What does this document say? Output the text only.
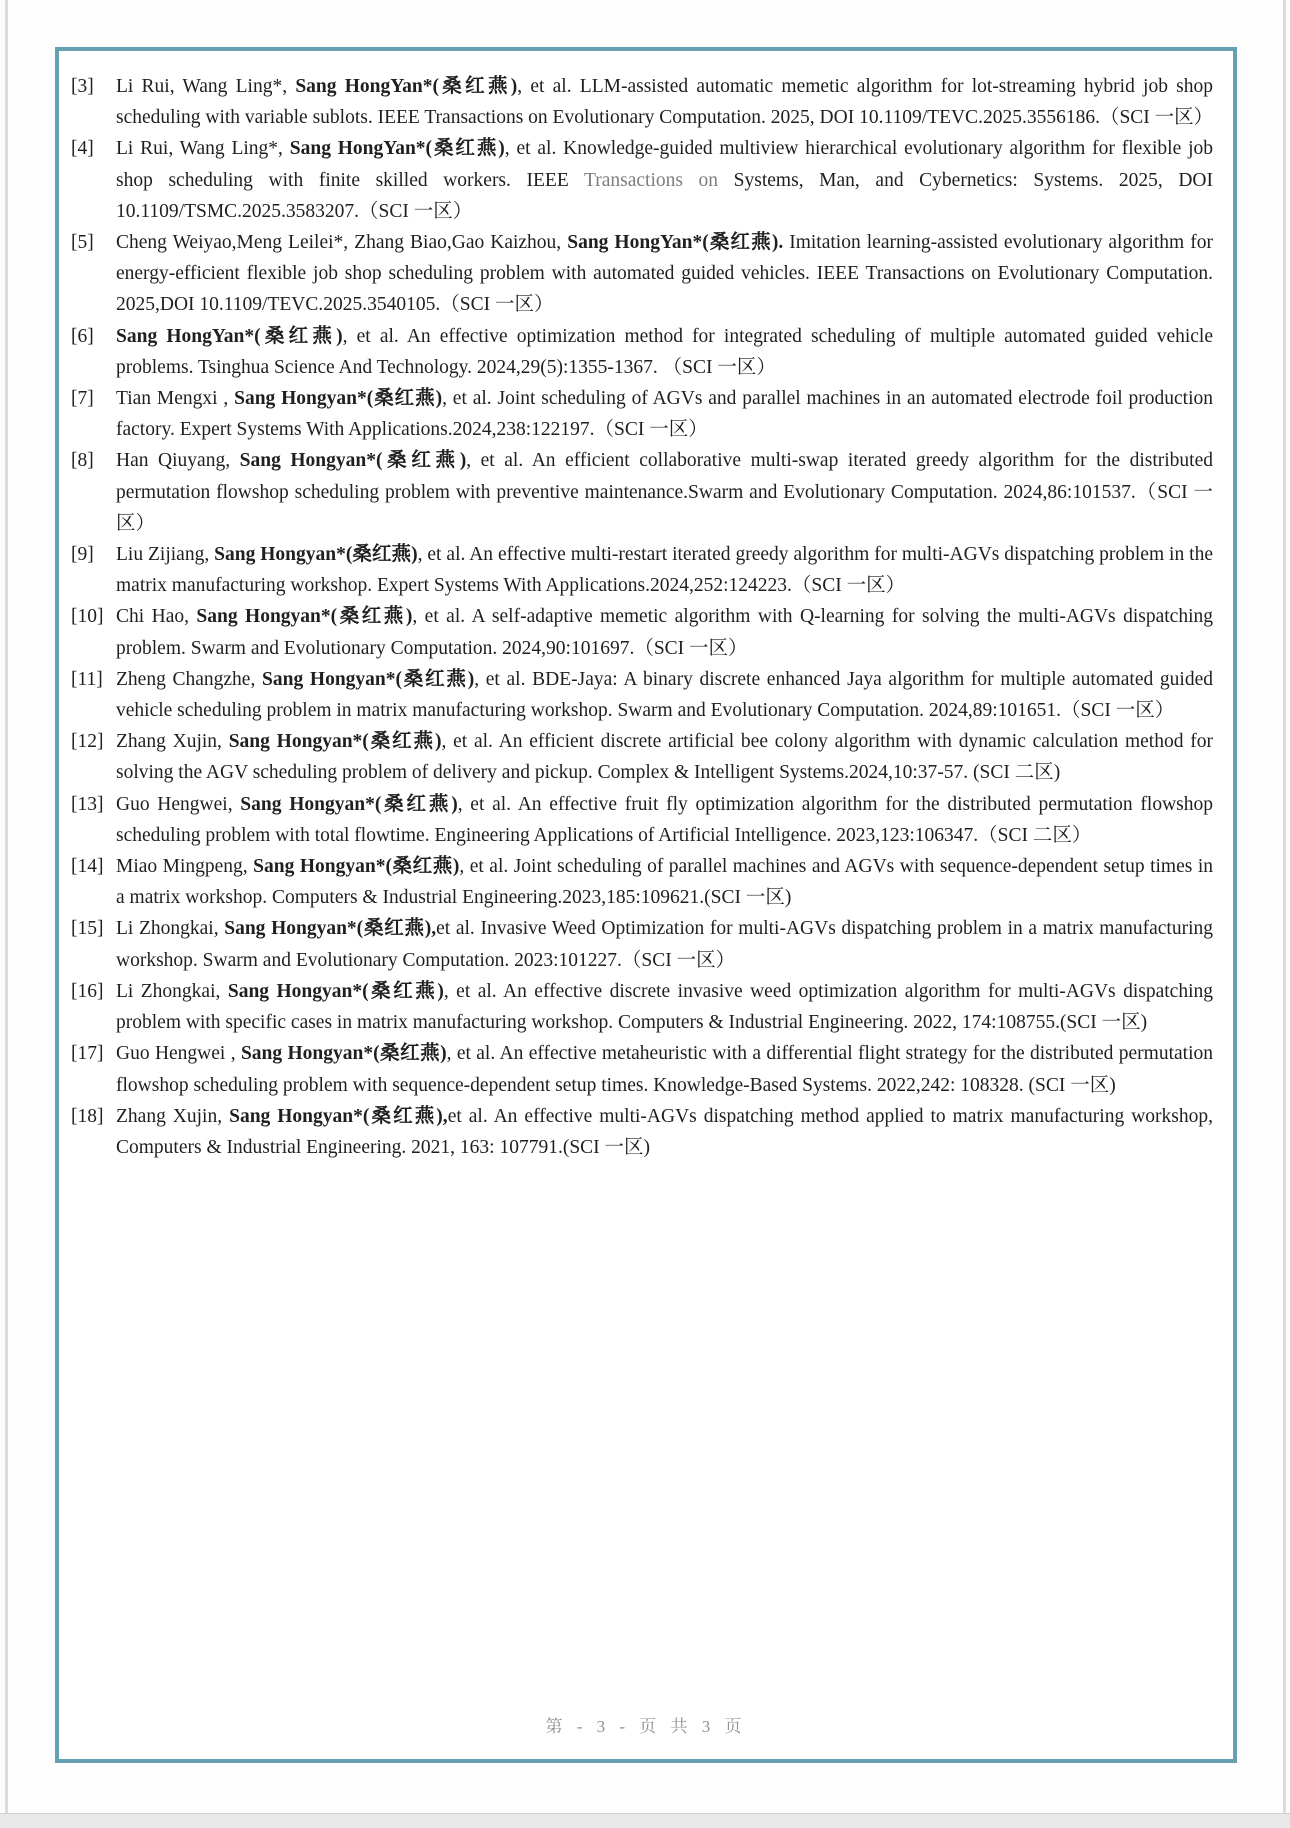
[3] Li Rui, Wang Ling*, Sang HongYan*(桑红燕), et al. LLM-assisted automatic memetic algorithm for lot-streaming hybrid job shop scheduling with variable sublots. IEEE Transactions on Evolutionary Computation. 2025, DOI 10.1109/TEVC.2025.3556186.（SCI 一区）
[4] Li Rui, Wang Ling*, Sang HongYan*(桑红燕), et al. Knowledge-guided multiview hierarchical evolutionary algorithm for flexible job shop scheduling with finite skilled workers. IEEE Transactions on Systems, Man, and Cybernetics: Systems. 2025, DOI 10.1109/TSMC.2025.3583207.（SCI 一区）
[5] Cheng Weiyao,Meng Leilei*, Zhang Biao,Gao Kaizhou, Sang HongYan*(桑红燕). Imitation learning-assisted evolutionary algorithm for energy-efficient flexible job shop scheduling problem with automated guided vehicles. IEEE Transactions on Evolutionary Computation. 2025,DOI 10.1109/TEVC.2025.3540105.（SCI 一区）
[6] Sang HongYan*(桑红燕), et al. An effective optimization method for integrated scheduling of multiple automated guided vehicle problems. Tsinghua Science And Technology. 2024,29(5):1355-1367. （SCI 一区）
[7] Tian Mengxi , Sang Hongyan*(桑红燕), et al. Joint scheduling of AGVs and parallel machines in an automated electrode foil production factory. Expert Systems With Applications.2024,238:122197.（SCI 一区）
[8] Han Qiuyang, Sang Hongyan*(桑红燕), et al. An efficient collaborative multi-swap iterated greedy algorithm for the distributed permutation flowshop scheduling problem with preventive maintenance.Swarm and Evolutionary Computation. 2024,86:101537.（SCI 一区）
[9] Liu Zijiang, Sang Hongyan*(桑红燕), et al. An effective multi-restart iterated greedy algorithm for multi-AGVs dispatching problem in the matrix manufacturing workshop. Expert Systems With Applications.2024,252:124223.（SCI 一区）
[10] Chi Hao, Sang Hongyan*(桑红燕), et al. A self-adaptive memetic algorithm with Q-learning for solving the multi-AGVs dispatching problem. Swarm and Evolutionary Computation. 2024,90:101697.（SCI 一区）
[11] Zheng Changzhe, Sang Hongyan*(桑红燕), et al. BDE-Jaya: A binary discrete enhanced Jaya algorithm for multiple automated guided vehicle scheduling problem in matrix manufacturing workshop. Swarm and Evolutionary Computation. 2024,89:101651.（SCI 一区）
[12] Zhang Xujin, Sang Hongyan*(桑红燕), et al. An efficient discrete artificial bee colony algorithm with dynamic calculation method for solving the AGV scheduling problem of delivery and pickup. Complex & Intelligent Systems.2024,10:37-57. (SCI 二区)
[13] Guo Hengwei, Sang Hongyan*(桑红燕), et al. An effective fruit fly optimization algorithm for the distributed permutation flowshop scheduling problem with total flowtime. Engineering Applications of Artificial Intelligence. 2023,123:106347.（SCI 二区）
[14] Miao Mingpeng, Sang Hongyan*(桑红燕), et al. Joint scheduling of parallel machines and AGVs with sequence-dependent setup times in a matrix workshop. Computers & Industrial Engineering.2023,185:109621.(SCI 一区)
[15] Li Zhongkai, Sang Hongyan*(桑红燕),et al. Invasive Weed Optimization for multi-AGVs dispatching problem in a matrix manufacturing workshop. Swarm and Evolutionary Computation. 2023:101227.（SCI 一区）
[16] Li Zhongkai, Sang Hongyan*(桑红燕), et al. An effective discrete invasive weed optimization algorithm for multi-AGVs dispatching problem with specific cases in matrix manufacturing workshop. Computers & Industrial Engineering. 2022, 174:108755.(SCI 一区)
[17] Guo Hengwei , Sang Hongyan*(桑红燕), et al. An effective metaheuristic with a differential flight strategy for the distributed permutation flowshop scheduling problem with sequence-dependent setup times. Knowledge-Based Systems. 2022,242: 108328. (SCI 一区)
[18] Zhang Xujin, Sang Hongyan*(桑红燕),et al. An effective multi-AGVs dispatching method applied to matrix manufacturing workshop, Computers & Industrial Engineering. 2021, 163: 107791.(SCI 一区)
第 - 3 - 页 共 3 页
